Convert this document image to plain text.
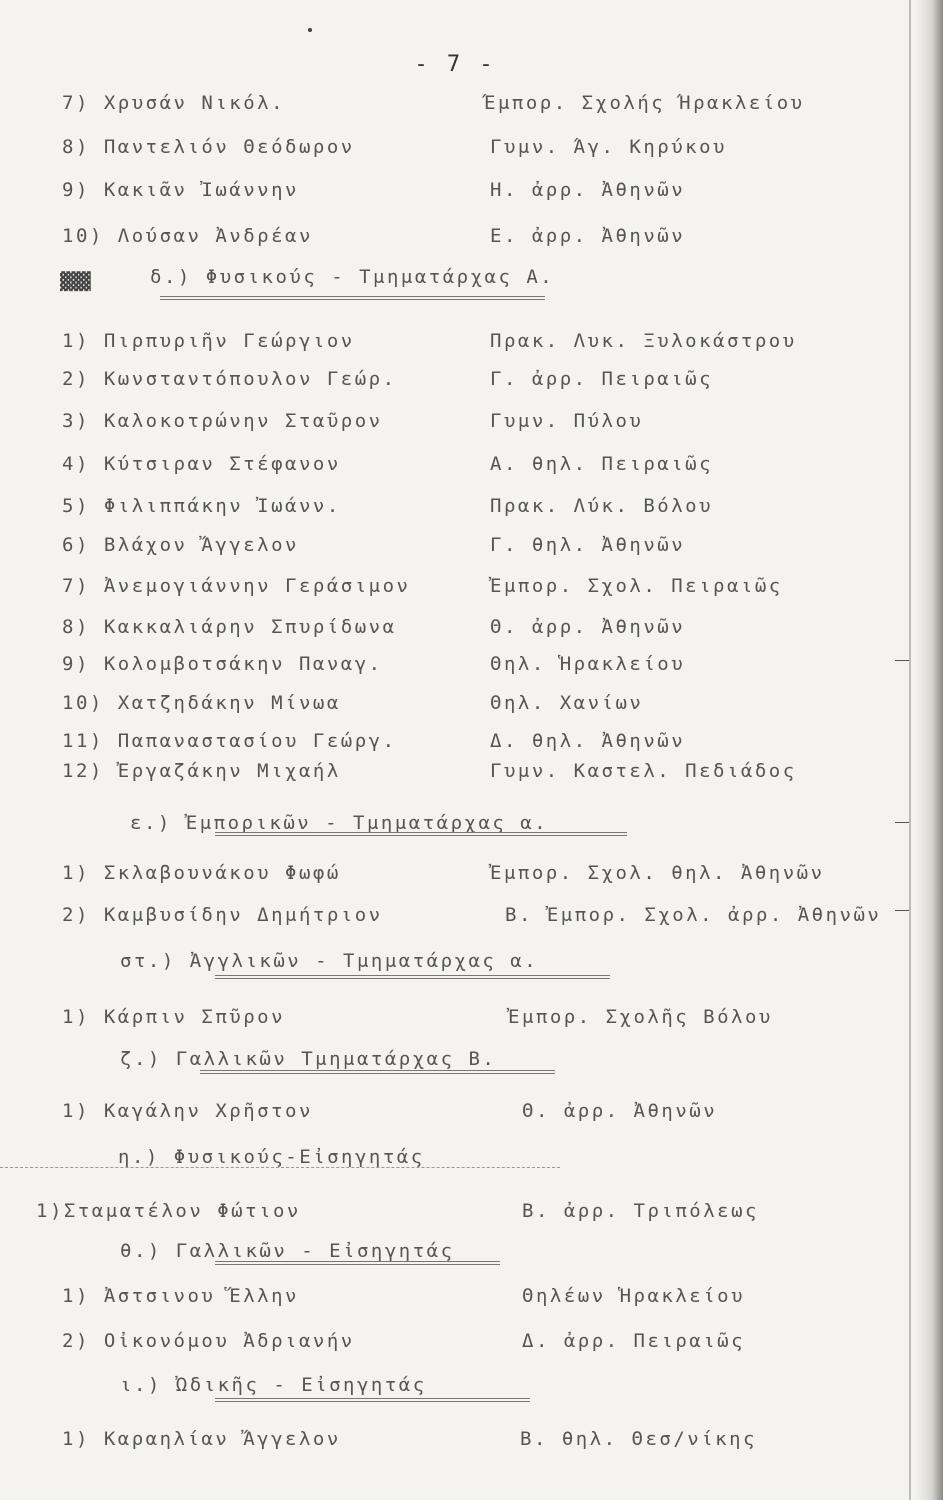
- 7 -
7) Χρυσάν Νικόλ.	Έμπορ. Σχολής Ήρακλείου
8) Παντελιόν Θεόδωρον	Γυμν. Άγ. Κηρύκου
9) Κακιᾶν Ἰωάννην	Η. ἀρρ. Ἀθηνῶν
10) Λούσαν Ἀνδρέαν	Ε. ἀρρ. Ἀθηνῶν
▓▓▓	δ.) Φυσικούς - Τμηματάρχας Α.
1) Πιρπυριῆν Γεώργιον	Πρακ. Λυκ. Ξυλοκάστρου
2) Κωνσταντόπουλον Γεώρ.	Γ. ἀρρ. Πειραιῶς
3) Καλοκοτρώνην Σταῦρον	Γυμν. Πύλου
4) Κύτσιραν Στέφανον	Α. θηλ. Πειραιῶς
5) Φιλιππάκην Ἰωάνν.	Πρακ. Λύκ. Βόλου
6) Βλάχον Ἄγγελον	Γ. θηλ. Ἀθηνῶν
7) Ἀνεμογιάννην Γεράσιμον	Ἐμπορ. Σχολ. Πειραιῶς
8) Κακκαλιάρην Σπυρίδωνα	Θ. ἀρρ. Ἀθηνῶν
9) Κολομβοτσάκην Παναγ.	Θηλ. Ἡρακλείου
10) Χατζηδάκην Μίνωα	Θηλ. Χανίων
11) Παπαναστασίου Γεώργ.	Δ. θηλ. Ἀθηνῶν
12) Ἐργαζάκην Μιχαήλ	Γυμν. Καστελ. Πεδιάδος
ε.) Ἐμπορικῶν - Τμηματάρχας α.
1) Σκλαβουνάκου Φωφώ	Ἐμπορ. Σχολ. θηλ. Ἀθηνῶν
2) Καμβυσίδην Δημήτριον	Β. Ἐμπορ. Σχολ. ἀρρ. Ἀθηνῶν
στ.) Ἀγγλικῶν - Τμηματάρχας α.
1) Κάρπιν Σπῦρον	Ἐμπορ. Σχολῆς Βόλου
ζ.) Γαλλικῶν Τμηματάρχας Β.
1) Καγάλην Χρῆστον	Θ. ἀρρ. Ἀθηνῶν
η.) Φυσικούς-Εἰσηγητάς
1)Σταματέλον Φώτιον	Β. ἀρρ. Τριπόλεως
θ.) Γαλλικῶν - Εἰσηγητάς
1) Ἀστσινου Ἕλλην	Θηλέων Ἡρακλείου
2) Οἰκονόμου Ἀδριανήν	Δ. ἀρρ. Πειραιῶς
ι.) Ὠδικῆς - Εἰσηγητάς
1) Καραηλίαν Ἄγγελον	Β. θηλ. Θεσ/νίκης
